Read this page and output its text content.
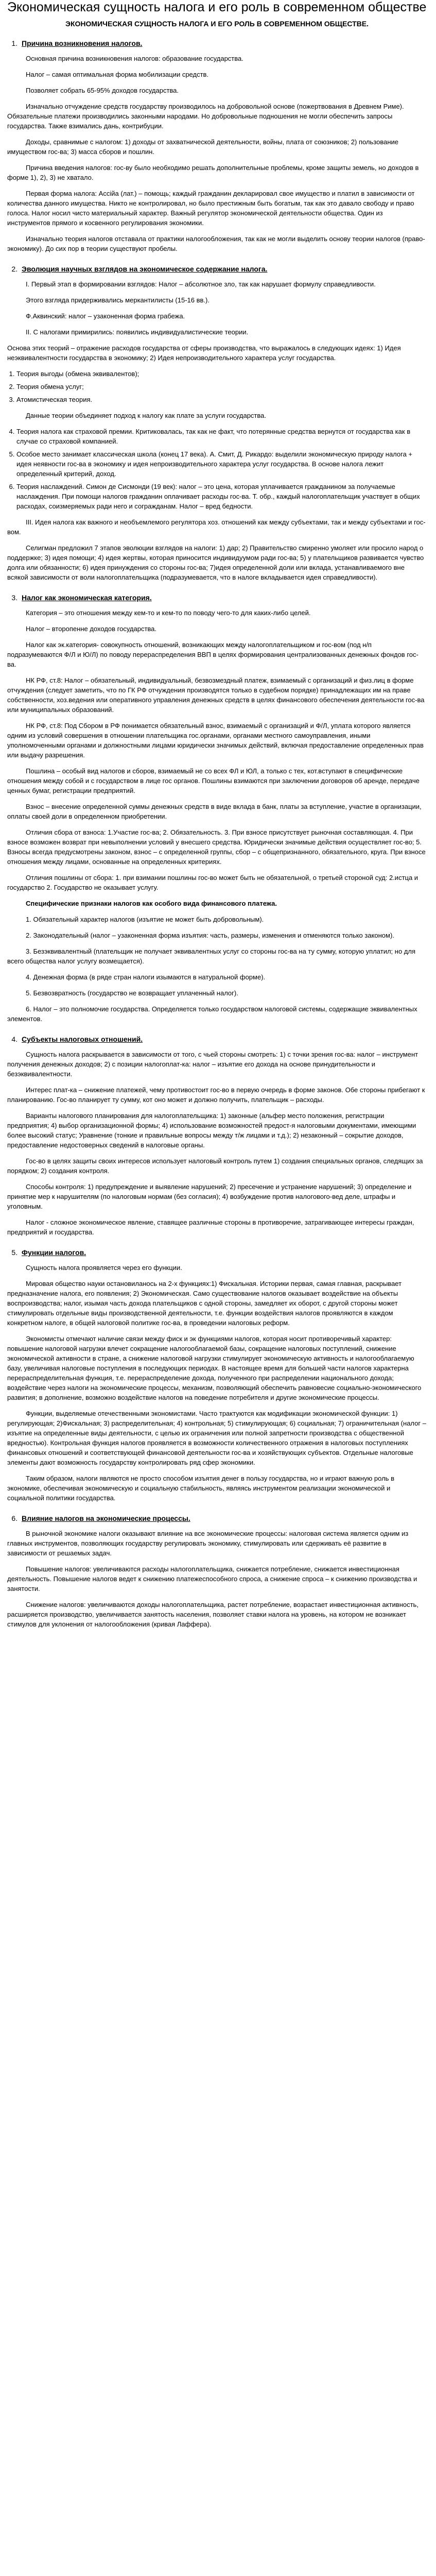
Экономическая сущность налога и его роль в современном обществе
ЭКОНОМИЧЕСКАЯ СУЩНОСТЬ НАЛОГА И ЕГО РОЛЬ В СОВРЕМЕННОМ ОБЩЕСТВЕ.
1. Причина возникновения налогов.

Основная причина возникновения налогов: образование государства.

Налог – самая оптимальная форма мобилизации средств.

Позволяет собрать 65-95% доходов государства.

Изначально отчуждение средств государству производилось на добровольной основе (пожертвования в Древнем Риме). Обязательные платежи производились законными народами. Но добровольные подношения не могли обеспечить запросы государства. Также взимались дань, контрибуции.

Доходы, сравнимые с налогом: 1) доходы от захватнической деятельности, войны, плата от союзников; 2) пользование имуществом гос-ва; 3) масса сборов и пошлин.

Причина введения налогов: гос-ву было необходимо решать дополнительные проблемы, кроме защиты земель, но доходов в форме 1), 2), 3) не хватало.

Первая форма налога: Ассiйa (лат.) – помощь; каждый гражданин декларировал свое имущество и платил в зависимости от количества данного имущества. Никто не контролировал, но было престижным быть богатым, так как это давало свободу и право голоса. Налог носил чисто материальный характер. Важный регулятор экономической деятельности общества. Один из инструментов прямого и косвенного регулирования экономики.

Изначально теория налогов отставала от практики налогообложения, так как не могли выделить основу теории налогов (право-экономику). До сих пор в теории существуют пробелы.

2. Эволюция научных взглядов на экономическое содержание налога.

I. Первый этап в формировании взглядов: Налог – абсолютное зло, так как нарушает формулу справедливости.

Этого взгляда придерживались меркантилисты (15-16 вв.).

Ф.Аквинский: налог – узаконенная форма грабежа.

II. С налогами примирились: появились индивидуалистические теории.

Основа этих теорий – отражение расходов государства от сферы производства, что выражалось в следующих идеях: 1) Идея неэквивалентности государства в экономику; 2) Идея непроизводительного характера услуг государства.

1. Теория выгоды (обмена эквивалентов);
2. Теория обмена услуг;
3. Атомистическая теория.

Данные теории объединяет подход к налогу как плате за услуги государства.

4. Теория налога как страховой премии. Критиковалась, так как не факт, что потерянные средства вернутся от государства как в случае со страховой компанией.
5. Особое место занимает классическая школа (конец 17 века). А. Смит, Д. Рикардо: выделили экономическую природу налога + идея неявности гос-ва в экономику и идея непроизводительного характера услуг государства. В основе налога лежит определенный критерий, доход.
6. Теория наслаждений. Симон де Сисмонди (19 век): налог – это цена, которая уплачивается гражданином за получаемые наслаждения. При помощи налогов гражданин оплачивает расходы гос-ва. Т. обр., каждый налогоплательщик участвует в общих расходах, соизмеряемых ради него и согражданам. Налог – вред бедности.

III. Идея налога как важного и необъемлемого регулятора хоз. отношений как между субъектами, так и между субъектами и гос-вом.

Селигман предложил 7 этапов эволюции взглядов на налоги: 1) дар; 2) Правительство смиренно умоляет или просило народ о поддержке; 3) идея помощи; 4) идея жертвы, которая приносится индивидуумом ради гос-ва; 5) у плательщиков развивается чувство долга или обязанности; 6) идея принуждения со стороны гос-ва; 7)идея определенной доли или вклада, устанавливаемого вне всякой зависимости от воли налогоплательщика (подразумевается, что в налоге вкладывается идея справедливости).

3. Налог как экономическая категория.

Категория – это отношения между кем-то и кем-то по поводу чего-то для каких-либо целей.

Налог – второпенне доходов государства.

Налог как эк.категория- совокупность отношений, возникающих между налогоплательщиком и гос-вом (под н/п подразумеваются Ф/Л и Ю/Л) по поводу перераспределения ВВП в целях формирования централизованных денежных фондов гос-ва.

НК РФ, ст.8: Налог – обязательный, индивидуальный, безвозмездный платеж, взимаемый с организаций и физ.лиц в форме отчуждения (следует заметить, что по ГК РФ отчуждения производятся только в судебном порядке) принадлежащих им на праве собственности, хоз.ведения или оперативного управления денежных средств в целях финансового обеспечения деятельности гос-ва или муниципальных образований.

НК РФ, ст.8: Под Сбором в РФ понимается обязательный взнос, взимаемый с организаций и Ф/Л, уплата которого является одним из условий совершения в отношении плательщика гос.органами, органами местного самоуправления, иными уполномоченными органами и должностными лицами юридически значимых действий, включая предоставление определенных прав или выдачу разрешения.

Пошлина – особый вид налогов и сборов, взимаемый не со всех ФЛ и ЮЛ, а только с тех, кот.вступают в специфические отношения между собой и с государством в лице гос органов. Пошлины взимаются при заключении договоров об аренде, передаче ценных бумаг, регистрации предприятий.

Взнос – внесение определенной суммы денежных средств в виде вклада в банк, платы за вступление, участие в организации, оплаты своей доли в определенном приобретении.

Отличия сбора от взноса: 1.Участие гос-ва; 2. Обязательность. 3. При взносе присутствует рыночная составляющая. 4. При взносе возможен возврат при невыполнении условий у внесшего средства. Юридически значимые действия осуществляет гос-во; 5. Взносы всегда предусмотрены законом, взнос – с определенной группы, сбор – с общепризнанного, обязательного, круга. При взносе отношения между лицами, основанные на определенных критериях.

Отличия пошлины от сбора: 1. при взимании пошлины гос-во может быть не обязательной, о третьей стороной суд: 2.истца и государство 2. Государство не оказывает услугу.

Специфические признаки налогов как особого вида финансового платежа.

1. Обязательный характер налогов (изъятие не может быть добровольным).

2. Законодательный (налог – узаконенная форма изъятия: часть, размеры, изменения и отменяются только законом).

3. Безэквивалентный (плательщик не получает эквивалентных услуг со стороны гос-ва на ту сумму, которую уплатил; но для всего общества налог услугу возмещается).

4. Денежная форма (в ряде стран налоги изымаются в натуральной форме).

5. Безвозвратность (государство не возвращает уплаченный налог).

6. Налог – это полномочие государства. Определяется только государством налоговой системы, содержащие эквивалентных элементов.

4. Субъекты налоговых отношений.

Сущность налога раскрывается в зависимости от того, с чьей стороны смотреть: 1) с точки зрения гос-ва: налог – инструмент получения денежных доходов; 2) с позиции налогоплат-ка: налог – изъятие его дохода на основе принудительности и безэквивалентности.

Интерес плат-ка – снижение платежей, чему противостоит гос-во в первую очередь в форме законов. Обе стороны прибегают к планированию. Гос-во планирует ту сумму, кот оно может и должно получить, плательщик – расходы.

Варианты налогового планирования для налогоплательщика: 1) законные (альфер место положения, регистрации предприятия; 4) выбор организационной формы; 4) использование возможностей предост-я налоговыми документами, имеющими более высокий статус; Уравнение (тонкие и правильные вопросы между т/ж лицами и т.д.); 2) незаконный – сокрытие доходов, предоставление недостоверных сведений в налоговые органы.

Гос-во в целях защиты своих интересов использует налоговый контроль путем 1) создания специальных органов, следящих за порядком; 2) создания контроля.

Способы контроля: 1) предупреждение и выявление нарушений; 2) пресечение и устранение нарушений; 3) определение и принятие мер к нарушителям (по налоговым нормам (без согласия); 4) возбуждение против налогового-вед деле, штрафы и уголовным.

Налог - сложное экономическое явление, ставящее различные стороны в противоречие, затрагивающее интересы граждан, предприятий и государства.

5. Функции налогов.

Сущность налога проявляется через его функции.

Мировая общество науки остановиланось на 2-х функциях:1) Фискальная. Историки первая, самая главная, раскрывает предназначение налога, его появления; 2) Экономическая. Само существование налогов оказывает воздействие на объекты воспроизводства; налог, изымая часть дохода плательщиков с одной стороны, замедляет их оборот, с другой стороны может стимулировать отдельные виды производственной деятельности, т.е. функции воздействия налогов проявляются в каждом конкретном налоге, в общей налоговой политике гос-ва, в проведении налоговых реформ.

Экономисты отмечают наличие связи между фиск и эк функциями налогов, которая носит противоречивый характер: повышение налоговой нагрузки влечет сокращение налогооблагаемой базы, сокращение налоговых поступлений, снижение экономической активности в стране, а снижение налоговой нагрузки стимулирует экономическую активность и налогооблагаемую базу, увеличивая налоговые поступления в последующих периодах. В настоящее время для большей части налогов характерна перераспределительная функция, т.е. перераспределение дохода, полученного при распределении национального дохода; воздействие через налоги на экономические процессы, механизм, позволяющий обеспечить равновесие социально-экономического развития; в дополнение, возможно воздействие налогов на поведение потребителя и другие экономические процессы.

Функции, выделяемые отечественными экономистами. Часто трактуются как модификации экономической функции: 1) регулирующая; 2)Фискальная; 3) распределительная; 4) контрольная; 5) стимулирующая; 6) социальная; 7) ограничительная (налог – изъятие на определенные виды деятельности, с целью их ограничения или полной запретности производства с общественной вредностью). Контрольная функция налогов проявляется в возможности количественного отражения в налоговых поступлениях финансовых отношений и соответствующей финансовой деятельности гос-ва и хозяйствующих субъектов. Отдельные налоговые элементы дают возможность государству контролировать ряд сфер экономики.

Таким образом, налоги являются не просто способом изъятия денег в пользу государства, но и играют важную роль в экономике, обеспечивая экономическую и социальную стабильность, являясь инструментом реализации экономической и социальной политики государства.

6. Влияние налогов на экономические процессы.

В рыночной экономике налоги оказывают влияние на все экономические процессы: налоговая система является одним из главных инструментов, позволяющих государству регулировать экономику, стимулировать или сдерживать её развитие в зависимости от решаемых задач.

Повышение налогов: увеличиваются расходы налогоплательщика, снижается потребление, снижается инвестиционная деятельность. Повышение налогов ведет к снижению платежеспособного спроса, а снижение спроса – к снижению производства и занятости.

Снижение налогов: увеличиваются доходы налогоплательщика, растет потребление, возрастает инвестиционная активность, расширяется производство, увеличивается занятость населения, позволяет ставки налога на уровень, на котором не возникает стимулов для уклонения от налогообложения (кривая Лаффера).
